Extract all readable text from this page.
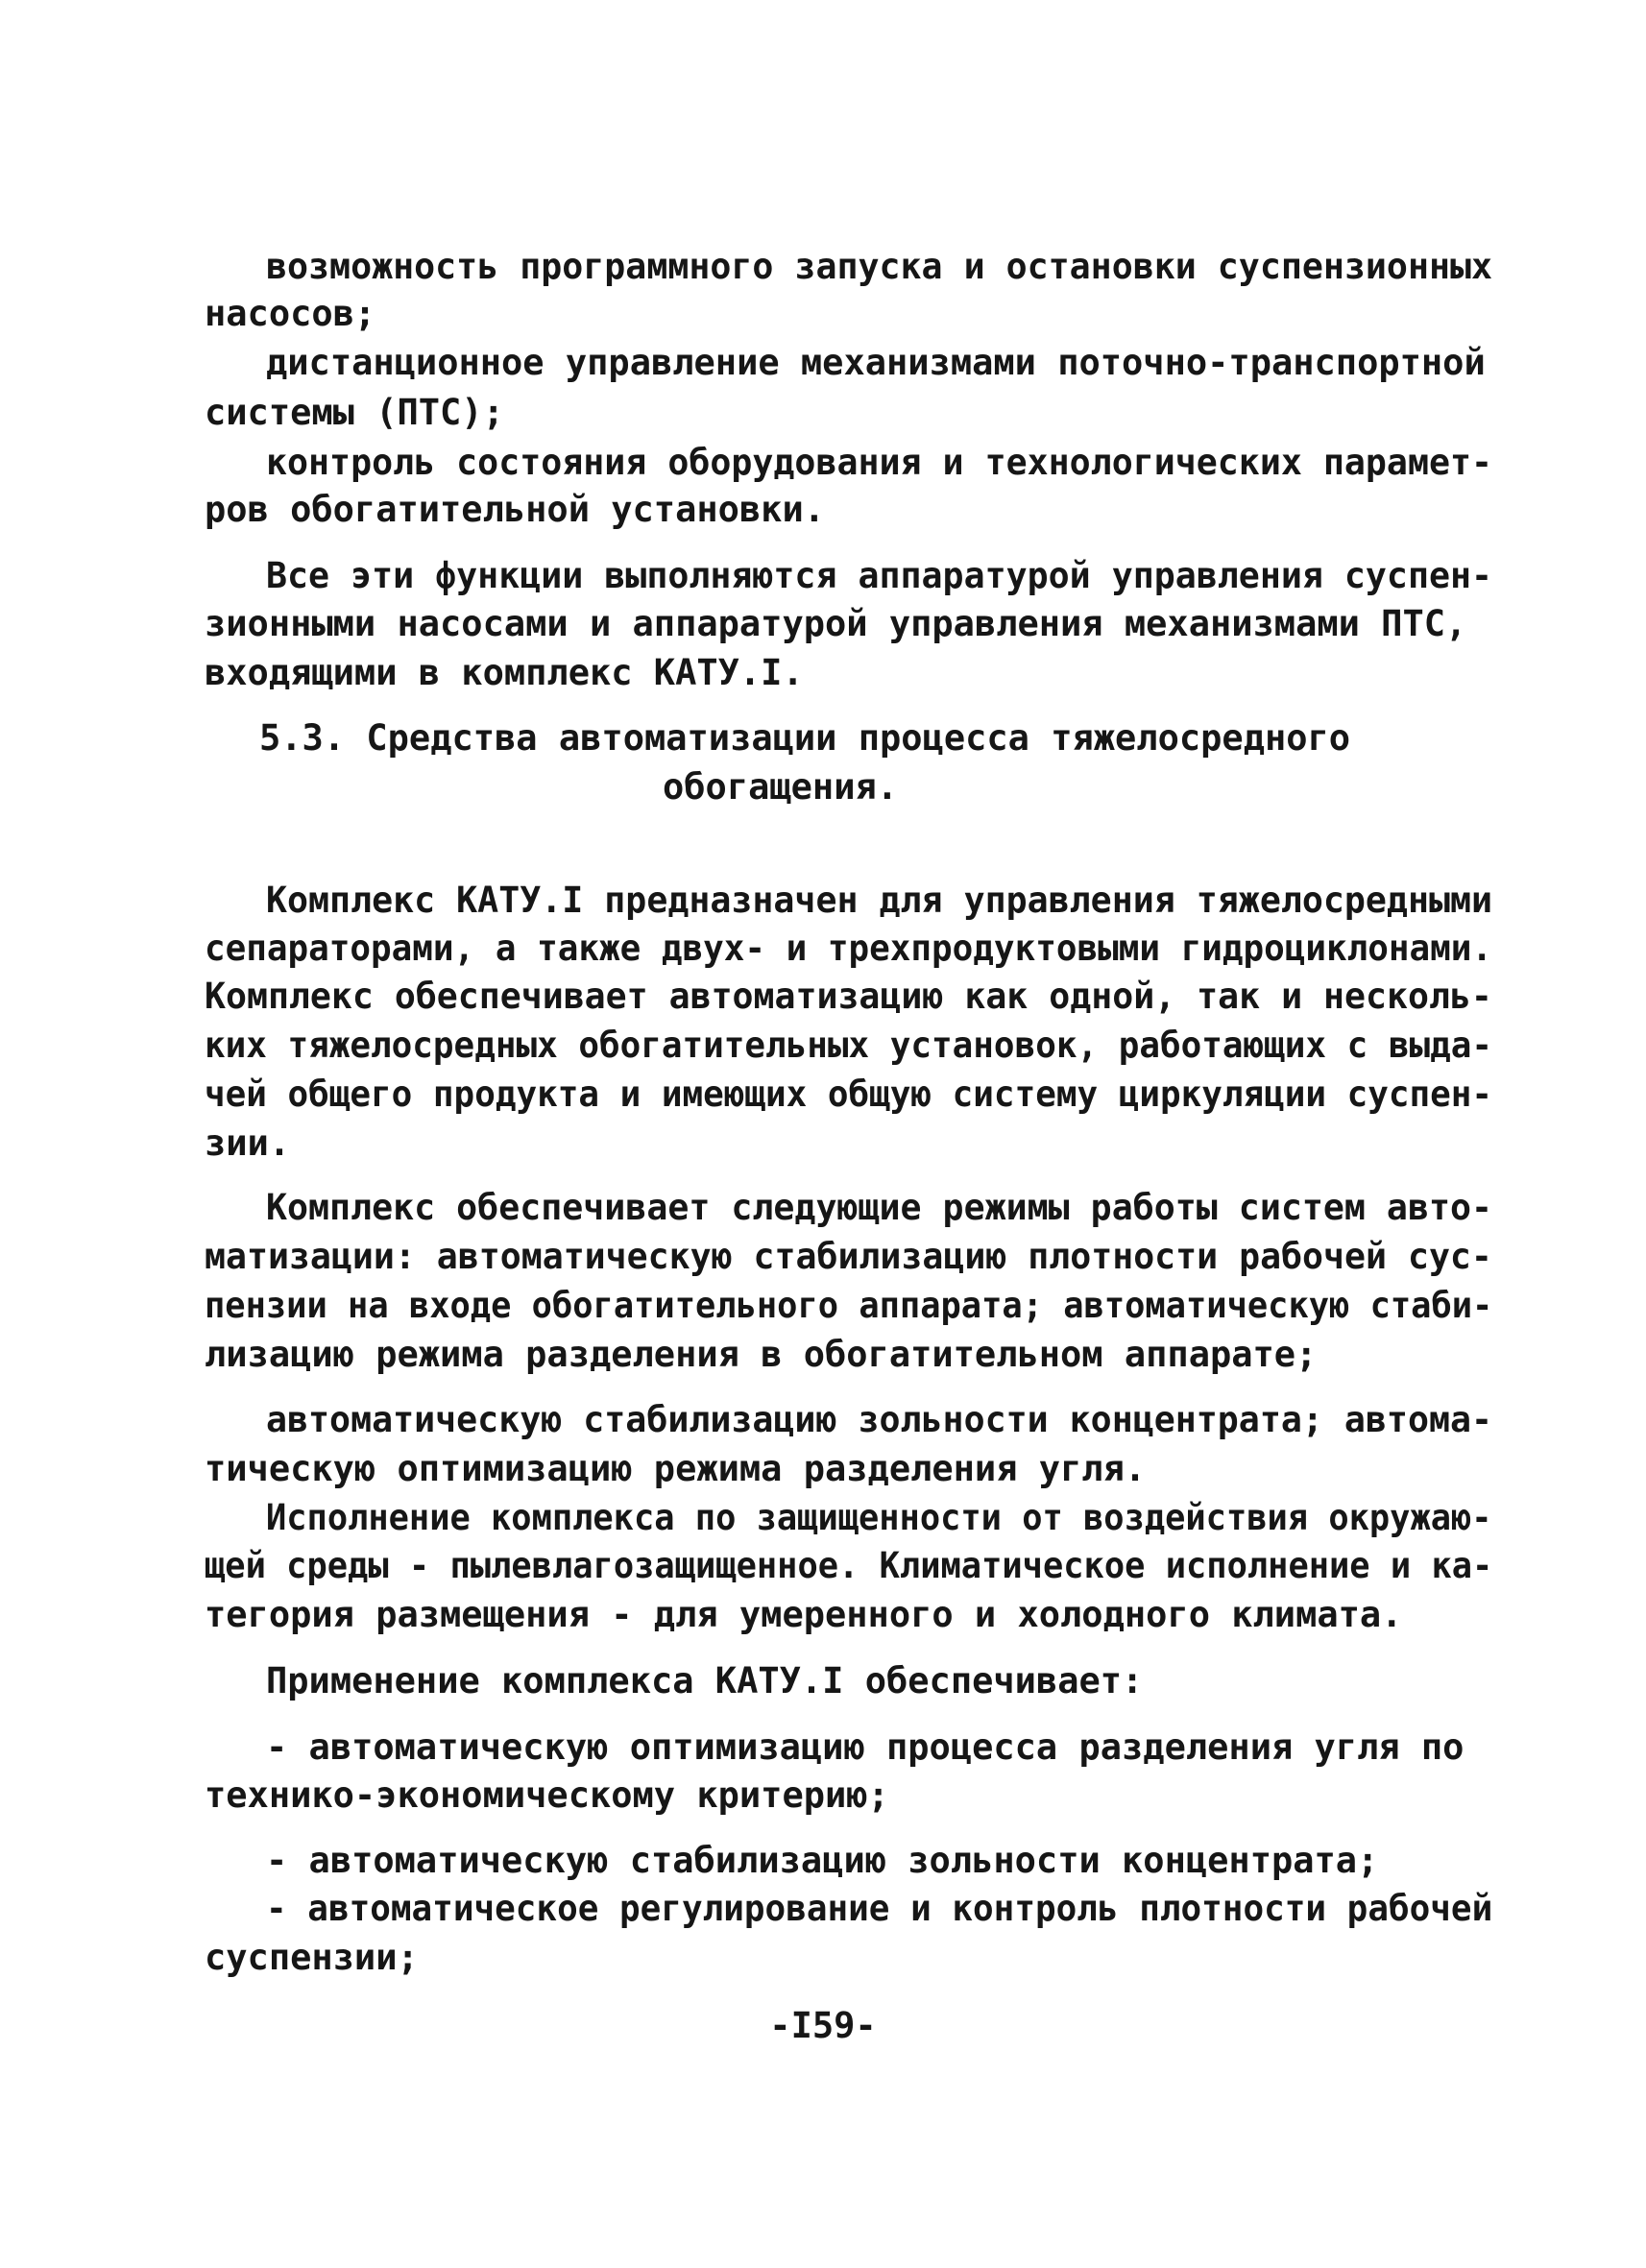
возможность программного запуска и остановки суспензионных
насосов;
дистанционное управление механизмами поточно-транспортной
системы (ПТС);
контроль состояния оборудования и технологических парамет-
ров обогатительной установки.
Все эти функции выполняются аппаратурой управления суспен-
зионными насосами и аппаратурой управления механизмами ПТС,
входящими в комплекс КАТУ.I.
5.3. Средства автоматизации процесса тяжелосредного
обогащения.
Комплекс КАТУ.I предназначен для управления тяжелосредными
сепараторами, а также двух- и трехпродуктовыми гидроциклонами.
Комплекс обеспечивает автоматизацию как одной, так и несколь-
ких тяжелосредных обогатительных установок, работающих с выда-
чей общего продукта и имеющих общую систему циркуляции суспен-
зии.
Комплекс обеспечивает следующие режимы работы систем авто-
матизации: автоматическую стабилизацию плотности рабочей сус-
пензии на входе обогатительного аппарата; автоматическую стаби-
лизацию режима разделения в обогатительном аппарате;
автоматическую стабилизацию зольности концентрата; автома-
тическую оптимизацию режима разделения угля.
Исполнение комплекса по защищенности от воздействия окружаю-
щей среды - пылевлагозащищенное. Климатическое исполнение и ка-
тегория размещения - для умеренного и холодного климата.
Применение комплекса КАТУ.I обеспечивает:
- автоматическую оптимизацию процесса разделения угля по
технико-экономическому критерию;
- автоматическую стабилизацию зольности концентрата;
- автоматическое регулирование и контроль плотности рабочей
суспензии;
-I59-
